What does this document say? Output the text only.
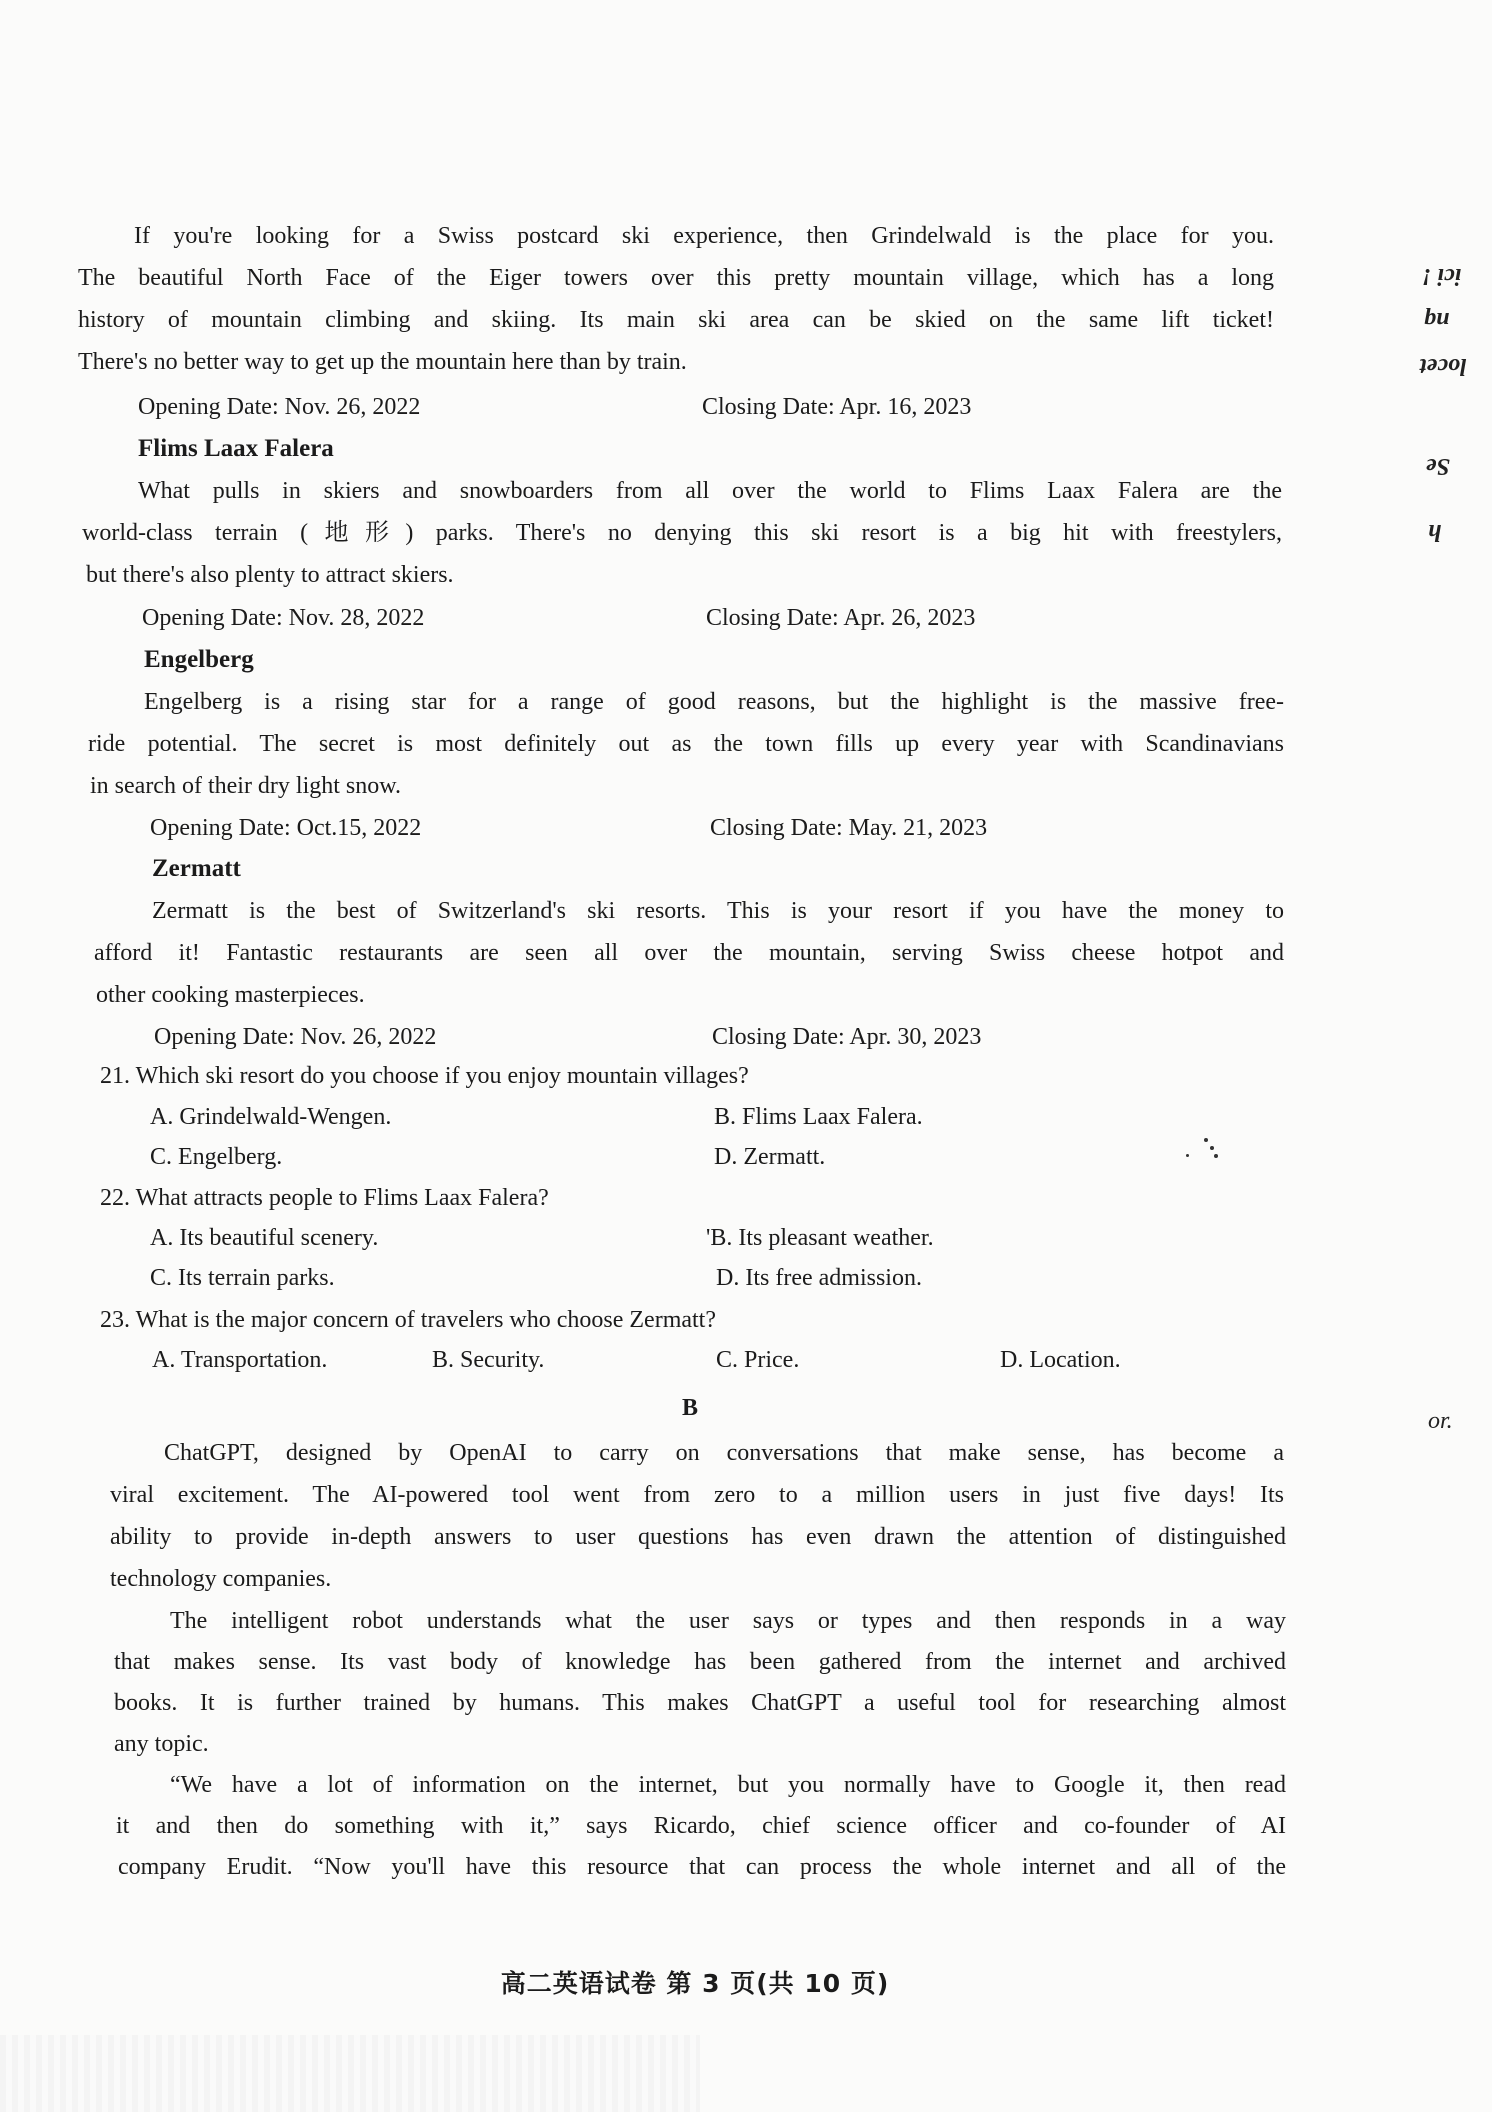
If you're looking for a Swiss postcard ski experience, then Grindelwald is the place for you.
The beautiful North Face of the Eiger towers over this pretty mountain village, which has a long
history of mountain climbing and skiing. Its main ski area can be skied on the same lift ticket!
There's no better way to get up the mountain here than by train.
Opening Date: Nov. 26, 2022	Closing Date: Apr. 16, 2023
Flims Laax Falera
What pulls in skiers and snowboarders from all over the world to Flims Laax Falera are the
world-class terrain (地形) parks. There's no denying this ski resort is a big hit with freestylers,
but there's also plenty to attract skiers.
Opening Date: Nov. 28, 2022	Closing Date: Apr. 26, 2023
Engelberg
Engelberg is a rising star for a range of good reasons, but the highlight is the massive free-
ride potential. The secret is most definitely out as the town fills up every year with Scandinavians
in search of their dry light snow.
Opening Date: Oct.15, 2022	Closing Date: May. 21, 2023
Zermatt
Zermatt is the best of Switzerland's ski resorts. This is your resort if you have the money to
afford it! Fantastic restaurants are seen all over the mountain, serving Swiss cheese hotpot and
other cooking masterpieces.
Opening Date: Nov. 26, 2022	Closing Date: Apr. 30, 2023
21. Which ski resort do you choose if you enjoy mountain villages?
A. Grindelwald-Wengen.	B. Flims Laax Falera.
C. Engelberg.	D. Zermatt.
22. What attracts people to Flims Laax Falera?
A. Its beautiful scenery.	'B. Its pleasant weather.
C. Its terrain parks.	D. Its free admission.
23. What is the major concern of travelers who choose Zermatt?
A. Transportation.	B. Security.	C. Price.	D. Location.
B
ChatGPT, designed by OpenAI to carry on conversations that make sense, has become a
viral excitement. The AI-powered tool went from zero to a million users in just five days! Its
ability to provide in-depth answers to user questions has even drawn the attention of distinguished
technology companies.
The intelligent robot understands what the user says or types and then responds in a way
that makes sense. Its vast body of knowledge has been gathered from the internet and archived
books. It is further trained by humans. This makes ChatGPT a useful tool for researching almost
any topic.
“We have a lot of information on the internet, but you normally have to Google it, then read
it and then do something with it,” says Ricardo, chief science officer and co-founder of AI
company Erudit. “Now you'll have this resource that can process the whole internet and all of the
高二英语试卷 第 3 页(共 10 页)
ici !
nq
locet
Se
h
or.
